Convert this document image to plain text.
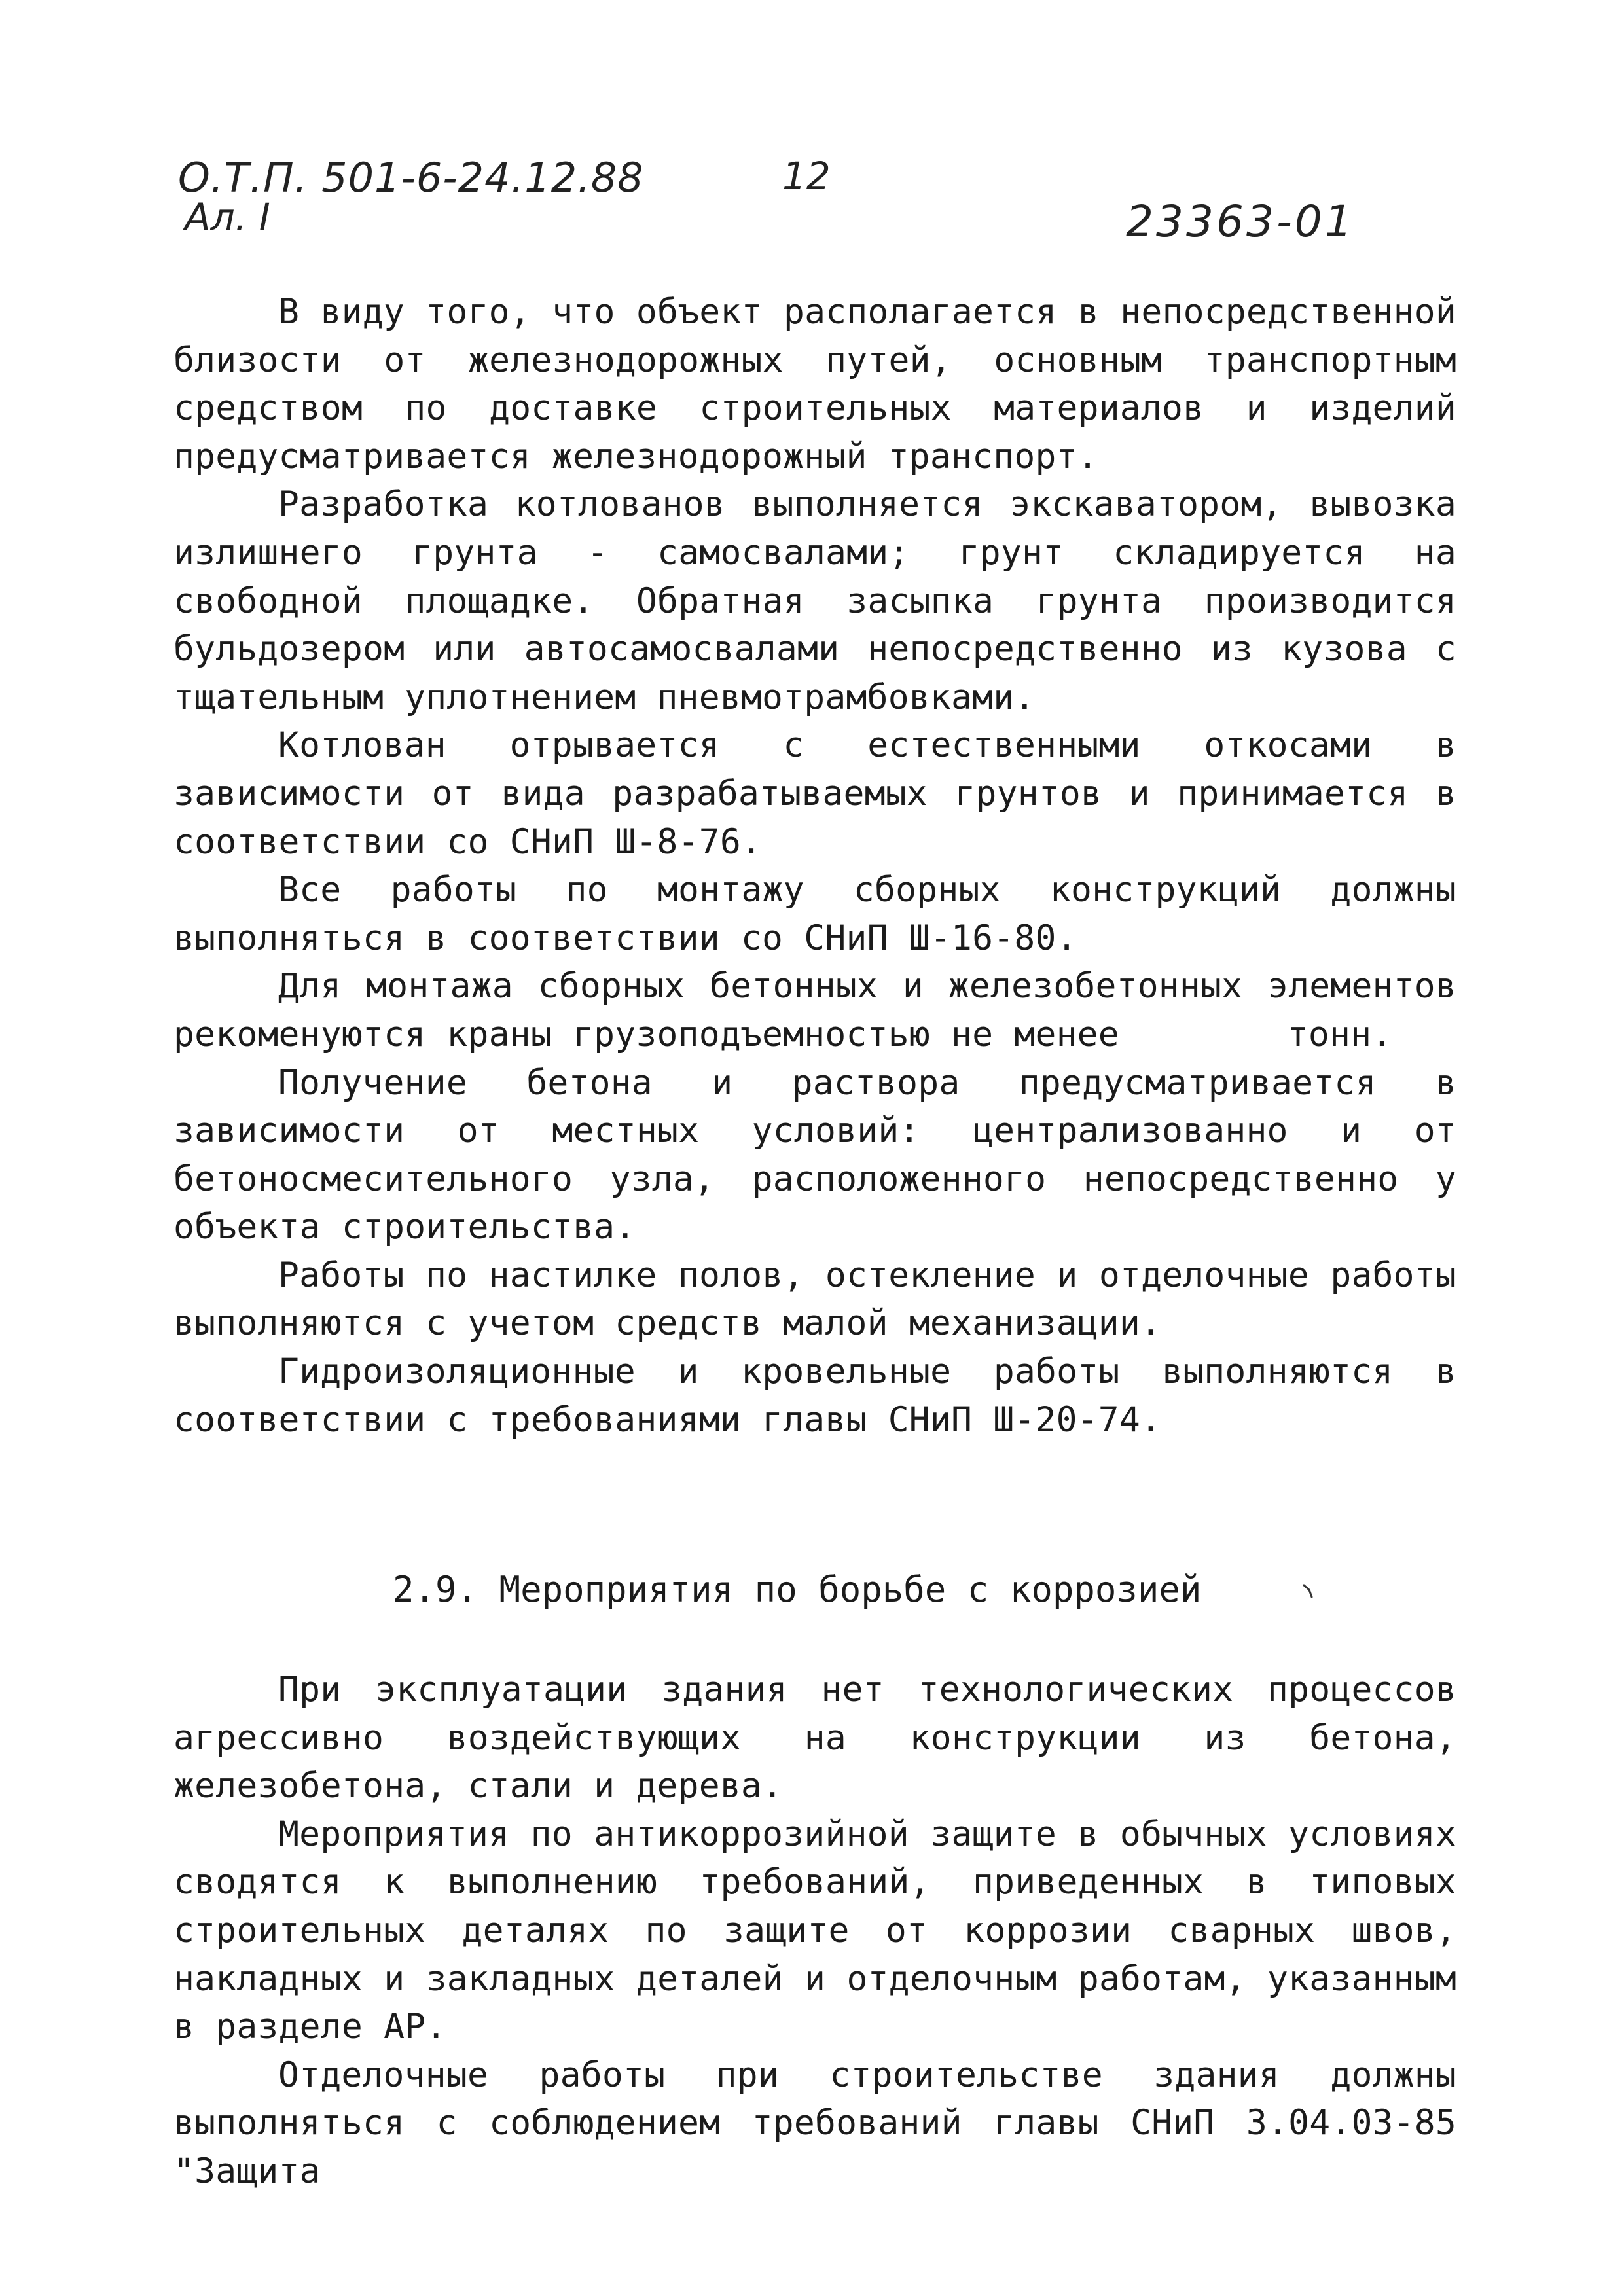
О.Т.П. 501-6-24.12.88
Ал. I
12
23363-01

В виду того, что объект располагается в непосредственной близости от железнодорожных путей, основным транспортным средством по доставке строительных материалов и изделий предусматривается железнодорожный транспорт.

Разработка котлованов выполняется экскаватором, вывозка излишнего грунта - самосвалами; грунт складируется на свободной площадке. Обратная засыпка грунта производится бульдозером или автосамосвалами непосредственно из кузова с тщательным уплотнением пневмотрамбовками.

Котлован отрывается с естественными откосами в зависимости от вида разрабатываемых грунтов и принимается в соответствии со СНиП Ш-8-76.

Все работы по монтажу сборных конструкций должны выполняться в соответствии со СНиП Ш-16-80.

Для монтажа сборных бетонных и железобетонных элементов рекоменуются краны грузоподъемностью не менее        тонн.

Получение бетона и раствора предусматривается в зависимости от местных условий: централизованно и от бетоносмесительного узла, расположенного непосредственно у объекта строительства.

Работы по настилке полов, остекление и отделочные работы выполняются с учетом средств малой механизации.

Гидроизоляционные и кровельные работы выполняются в соответствии с требованиями главы СНиП Ш-20-74.

2.9. Мероприятия по борьбе с коррозией

При эксплуатации здания нет технологических процессов агрессивно воздействующих на конструкции из бетона, железобетона, стали и дерева.

Мероприятия по антикоррозийной защите в обычных условиях сводятся к выполнению требований, приведенных в типовых строительных деталях по защите от коррозии сварных швов, накладных и закладных деталей и отделочным работам, указанным в разделе АР.

Отделочные работы при строительстве здания должны выполняться с соблюдением требований главы СНиП 3.04.03-85 "Защита
